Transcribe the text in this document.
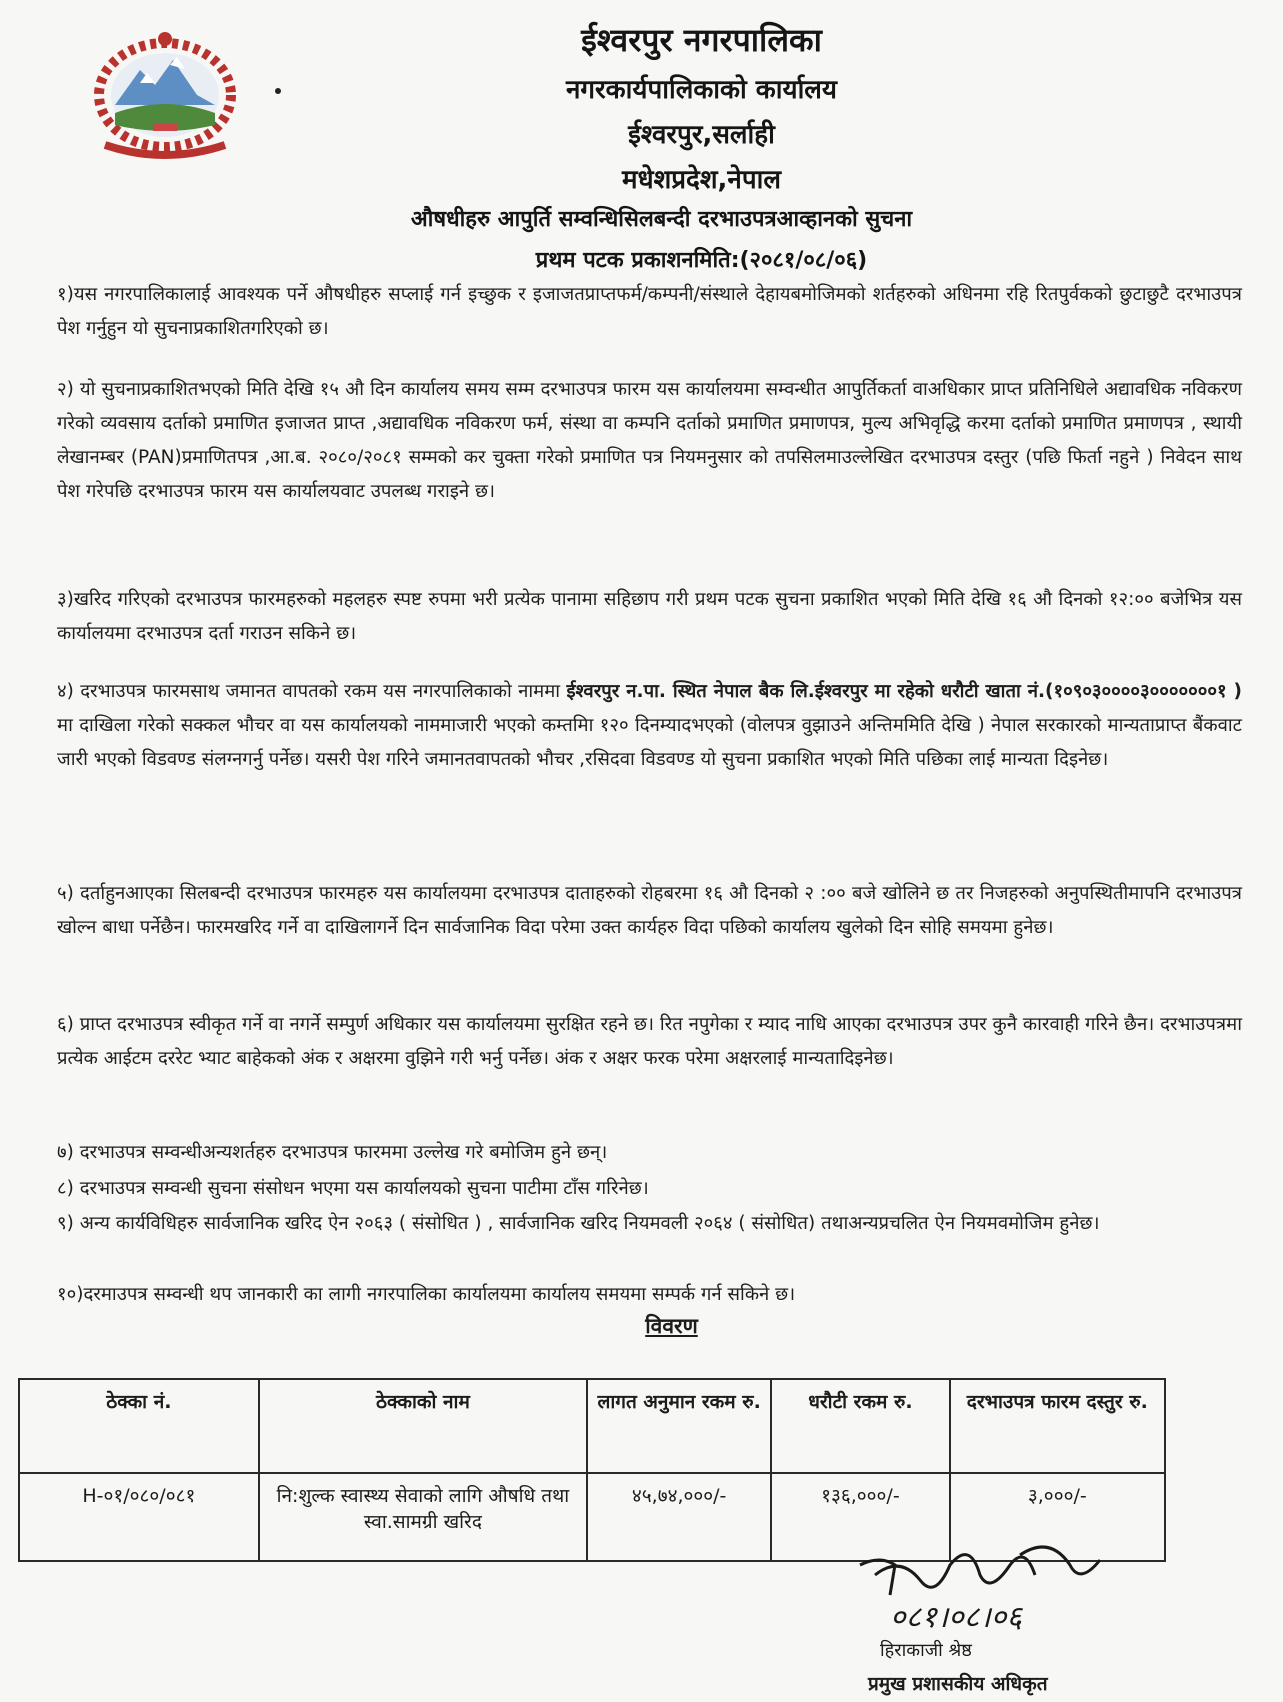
ईश्वरपुर नगरपालिका
नगरकार्यपालिकाको कार्यालय
ईश्वरपुर,सर्लाही
मधेशप्रदेश,नेपाल
औषधीहरु आपुर्ति सम्वन्धिसिलबन्दी दरभाउपत्रआव्हानको सुचना
प्रथम पटक प्रकाशनमिति:(२०८१/०८/०६)
१)यस नगरपालिकालाई आवश्यक पर्ने औषधीहरु सप्लाई गर्न इच्छुक र इजाजतप्राप्तफर्म/कम्पनी/संस्थाले देहायबमोजिमको शर्तहरुको अधिनमा रहि रितपुर्वकको छुटाछुटै दरभाउपत्र पेश गर्नुहुन यो सुचनाप्रकाशितगरिएको छ।
२) यो सुचनाप्रकाशितभएको मिति देखि १५ औ दिन कार्यालय समय सम्म दरभाउपत्र फारम यस कार्यालयमा सम्वन्धीत आपुर्तिकर्ता वाअधिकार प्राप्त प्रतिनिधिले अद्यावधिक नविकरण गरेको व्यवसाय दर्ताको प्रमाणित इजाजत प्राप्त ,अद्यावधिक नविकरण फर्म, संस्था वा कम्पनि दर्ताको प्रमाणित प्रमाणपत्र, मुल्य अभिवृद्धि करमा दर्ताको प्रमाणित प्रमाणपत्र , स्थायी लेखानम्बर (PAN)प्रमाणितपत्र ,आ.ब. २०८०/२०८१ सम्मको कर चुक्ता गरेको प्रमाणित पत्र नियमनुसार को तपसिलमाउल्लेखित दरभाउपत्र दस्तुर (पछि फिर्ता नहुने ) निवेदन साथ पेश गरेपछि दरभाउपत्र फारम यस कार्यालयवाट उपलब्ध गराइने छ।
३)खरिद गरिएको दरभाउपत्र फारमहरुको महलहरु स्पष्ट रुपमा भरी प्रत्येक पानामा सहिछाप गरी प्रथम पटक सुचना प्रकाशित भएको मिति देखि १६ औ दिनको १२:०० बजेभित्र यस कार्यालयमा दरभाउपत्र दर्ता गराउन सकिने छ।
४) दरभाउपत्र फारमसाथ जमानत वापतको रकम यस नगरपालिकाको नाममा ईश्वरपुर न.पा. स्थित नेपाल बैक लि.ईश्वरपुर मा रहेको धरौटी खाता नं.(१०९०३००००३०००००००१ ) मा दाखिला गरेको सक्कल भौचर वा यस कार्यालयको नाममाजारी भएको कम्तमिा १२० दिनम्यादभएको (वोलपत्र वुझाउने अन्तिममिति देखि ) नेपाल सरकारको मान्यताप्राप्त बैंकवाट जारी भएको विडवण्ड संलग्नगर्नु पर्नेछ। यसरी पेश गरिने जमानतवापतको भौचर ,रसिदवा विडवण्ड यो सुचना प्रकाशित भएको मिति पछिका लाई मान्यता दिइनेछ।
५) दर्ताहुनआएका सिलबन्दी दरभाउपत्र फारमहरु यस कार्यालयमा दरभाउपत्र दाताहरुको रोहबरमा १६ औ दिनको २ :०० बजे खोलिने छ तर निजहरुको अनुपस्थितीमापनि दरभाउपत्र खोल्न बाधा पर्नेछैन। फारमखरिद गर्ने वा दाखिलागर्ने दिन सार्वजानिक विदा परेमा उक्त कार्यहरु विदा पछिको कार्यालय खुलेको दिन सोहि समयमा हुनेछ।
६) प्राप्त दरभाउपत्र स्वीकृत गर्ने वा नगर्ने सम्पुर्ण अधिकार यस कार्यालयमा सुरक्षित रहने छ। रित नपुगेका र म्याद नाधि आएका दरभाउपत्र उपर कुनै कारवाही गरिने छैन। दरभाउपत्रमा प्रत्येक आईटम दररेट भ्याट बाहेकको अंक र अक्षरमा वुझिने गरी भर्नु पर्नेछ। अंक र अक्षर फरक परेमा अक्षरलाई मान्यतादिइनेछ।
७) दरभाउपत्र सम्वन्धीअन्यशर्तहरु दरभाउपत्र फारममा उल्लेख गरे बमोजिम हुने छन्।
८) दरभाउपत्र सम्वन्धी सुचना संसोधन भएमा यस कार्यालयको सुचना पाटीमा टाँस गरिनेछ।
९) अन्य कार्यविधिहरु सार्वजानिक खरिद ऐन २०६३ ( संसोधित ) , सार्वजानिक खरिद नियमवली २०६४ ( संसोधित) तथाअन्यप्रचलित ऐन नियमवमोजिम हुनेछ।
१०)दरमाउपत्र सम्वन्धी थप जानकारी का लागी नगरपालिका कार्यालयमा कार्यालय समयमा सम्पर्क गर्न सकिने छ।
विवरण
ठेक्का नं.	ठेक्काको नाम	लागत अनुमान रकम रु.	धरौटी रकम रु.	दरभाउपत्र फारम दस्तुर रु.
H-०१/०८०/०८१	नि:शुल्क स्वास्थ्य सेवाको लागि औषधि तथा स्वा.सामग्री खरिद	४५,७४,०००/-	१३६,०००/-	३,०००/-
०८१।०८।०६
हिराकाजी श्रेष्ठ
प्रमुख प्रशासकीय अधिकृत
